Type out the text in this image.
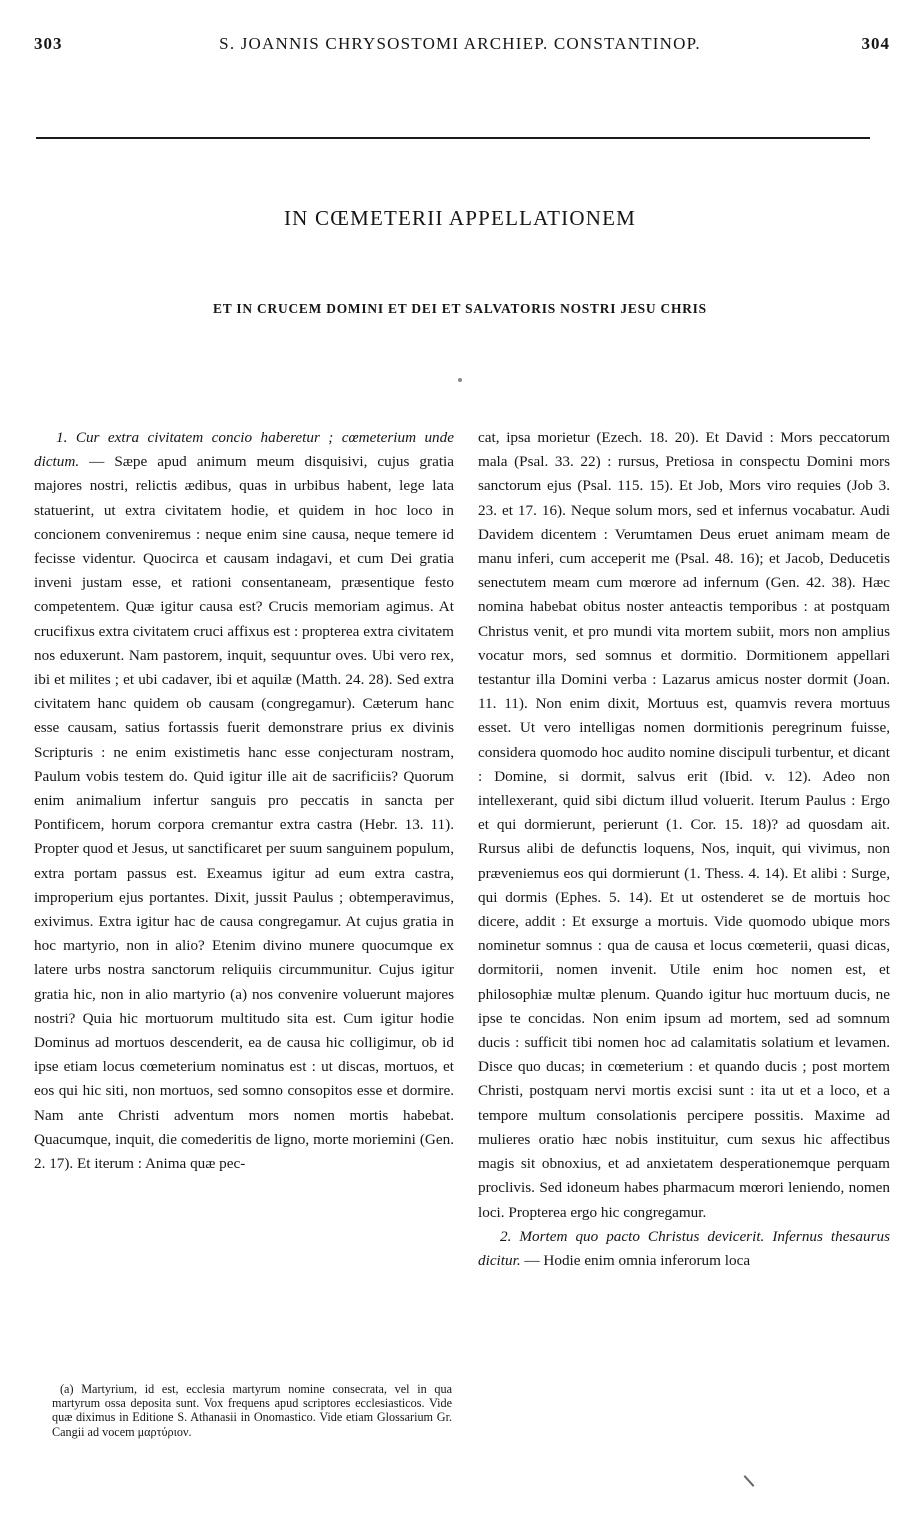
303	S. JOANNIS CHRYSOSTOMI ARCHIEP. CONSTANTINOP.	304
IN CŒMETERII APPELLATIONEM
ET IN CRUCEM DOMINI ET DEI ET SALVATORIS NOSTRI JESU CHRIS

1. Cur extra civitatem concio haberetur ; cœmeterium unde dictum. — Sæpe apud animum meum disquisivi, cujus gratia majores nostri, relictis ædibus, quas in urbibus habent, lege lata statuerint, ut extra civitatem hodie, et quidem in hoc loco in concionem conveniremus : neque enim sine causa, neque temere id fecisse videntur. Quocirca et causam indagavi, et cum Dei gratia inveni justam esse, et rationi consentaneam, præsentique festo competentem. Quæ igitur causa est? Crucis memoriam agimus. At crucifixus extra civitatem cruci affixus est : propterea extra civitatem nos eduxerunt. Nam pastorem, inquit, sequuntur oves. Ubi vero rex, ibi et milites ; et ubi cadaver, ibi et aquilæ (Matth. 24. 28). Sed extra civitatem hanc quidem ob causam (congregamur). Cæterum hanc esse causam, satius fortassis fuerit demonstrare prius ex divinis Scripturis : ne enim existimetis hanc esse conjecturam nostram, Paulum vobis testem do. Quid igitur ille ait de sacrificiis? Quorum enim animalium infertur sanguis pro peccatis in sancta per Pontificem, horum corpora cremantur extra castra (Hebr. 13. 11). Propter quod et Jesus, ut sanctificaret per suum sanguinem populum, extra portam passus est. Exeamus igitur ad eum extra castra, improperium ejus portantes. Dixit, jussit Paulus ; obtemperavimus, exivimus. Extra igitur hac de causa congregamur. At cujus gratia in hoc martyrio, non in alio? Etenim divino munere quocumque ex latere urbs nostra sanctorum reliquiis circummunitur. Cujus igitur gratia hic, non in alio martyrio (a) nos convenire voluerunt majores nostri? Quia hic mortuorum multitudo sita est. Cum igitur hodie Dominus ad mortuos descenderit, ea de causa hic colligimur, ob id ipse etiam locus cœmeterium nominatus est : ut discas, mortuos, et eos qui hic siti, non mortuos, sed somno consopitos esse et dormire. Nam ante Christi adventum mors nomen mortis habebat. Quacumque, inquit, die comederitis de ligno, morte moriemini (Gen. 2. 17). Et iterum : Anima quæ pec-

cat, ipsa morietur (Ezech. 18. 20). Et David : Mors peccatorum mala (Psal. 33. 22) : rursus, Pretiosa in conspectu Domini mors sanctorum ejus (Psal. 115. 15). Et Job, Mors viro requies (Job 3. 23. et 17. 16). Neque solum mors, sed et infernus vocabatur. Audi Davidem dicentem : Verumtamen Deus eruet animam meam de manu inferi, cum acceperit me (Psal. 48. 16); et Jacob, Deducetis senectutem meam cum mœrore ad infernum (Gen. 42. 38). Hæc nomina habebat obitus noster anteactis temporibus : at postquam Christus venit, et pro mundi vita mortem subiit, mors non amplius vocatur mors, sed somnus et dormitio. Dormitionem appellari testantur illa Domini verba : Lazarus amicus noster dormit (Joan. 11. 11). Non enim dixit, Mortuus est, quamvis revera mortuus esset. Ut vero intelligas nomen dormitionis peregrinum fuisse, considera quomodo hoc audito nomine discipuli turbentur, et dicant : Domine, si dormit, salvus erit (Ibid. v. 12). Adeo non intellexerant, quid sibi dictum illud voluerit. Iterum Paulus : Ergo et qui dormierunt, perierunt (1. Cor. 15. 18)? ad quosdam ait. Rursus alibi de defunctis loquens, Nos, inquit, qui vivimus, non præveniemus eos qui dormierunt (1. Thess. 4. 14). Et alibi : Surge, qui dormis (Ephes. 5. 14). Et ut ostenderet se de mortuis hoc dicere, addit : Et exsurge a mortuis. Vide quomodo ubique mors nominetur somnus : qua de causa et locus cœmeterii, quasi dicas, dormitorii, nomen invenit. Utile enim hoc nomen est, et philosophiæ multæ plenum. Quando igitur huc mortuum ducis, ne ipse te concidas. Non enim ipsum ad mortem, sed ad somnum ducis : sufficit tibi nomen hoc ad calamitatis solatium et levamen. Disce quo ducas; in cœmeterium : et quando ducis ; post mortem Christi, postquam nervi mortis excisi sunt : ita ut et a loco, et a tempore multum consolationis percipere possitis. Maxime ad mulieres oratio hæc nobis instituitur, cum sexus hic affectibus magis sit obnoxius, et ad anxietatem desperationemque perquam proclivis. Sed idoneum habes pharmacum mœrori leniendo, nomen loci. Propterea ergo hic congregamur.

2. Mortem quo pacto Christus devicerit. Infernus thesaurus dicitur. — Hodie enim omnia inferorum loca

(a) Martyrium, id est, ecclesia martyrum nomine consecrata, vel in qua martyrum ossa deposita sunt. Vox frequens apud scriptores ecclesiasticos. Vide quæ diximus in Editione S. Athanasii in Onomastico. Vide etiam Glossarium Gr. Cangii ad vocem μαρτύριον.
